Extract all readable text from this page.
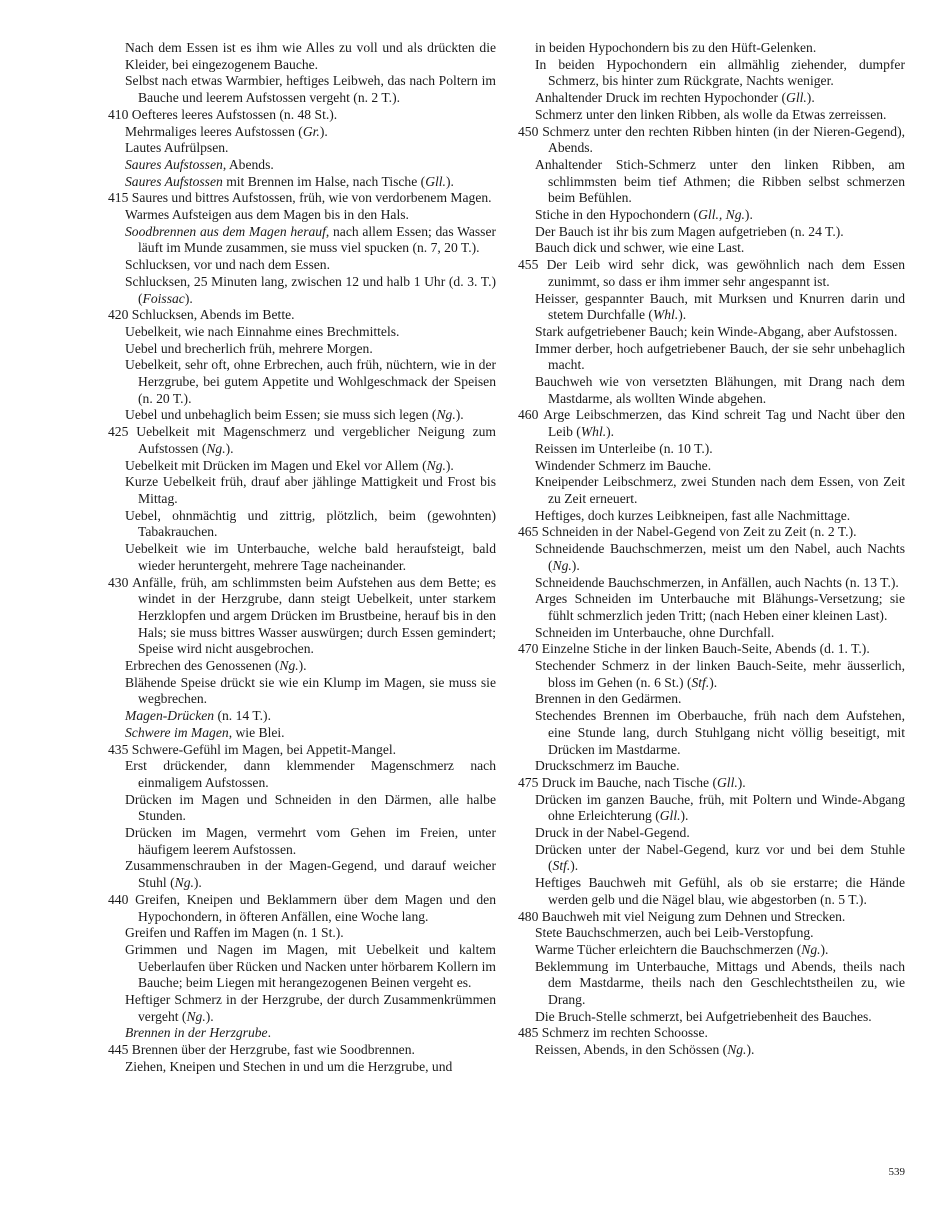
Nach dem Essen ist es ihm wie Alles zu voll und als drückten die Kleider, bei eingezogenem Bauche.
Selbst nach etwas Warmbier, heftiges Leibweh, das nach Poltern im Bauche und leerem Aufstossen vergeht (n. 2 T.).
410 Oefteres leeres Aufstossen (n. 48 St.).
Mehrmaliges leeres Aufstossen (Gr.).
Lautes Aufrülpsen.
Saures Aufstossen, Abends.
Saures Aufstossen mit Brennen im Halse, nach Tische (Gll.).
415 Saures und bittres Aufstossen, früh, wie von verdorbenem Magen.
Warmes Aufsteigen aus dem Magen bis in den Hals.
Soodbrennen aus dem Magen herauf, nach allem Essen; das Wasser läuft im Munde zusammen, sie muss viel spucken (n. 7, 20 T.).
Schlucksen, vor und nach dem Essen.
Schlucksen, 25 Minuten lang, zwischen 12 und halb 1 Uhr (d. 3. T.) (Foissac).
420 Schlucksen, Abends im Bette.
Uebelkeit, wie nach Einnahme eines Brechmittels.
Uebel und brecherlich früh, mehrere Morgen.
Uebelkeit, sehr oft, ohne Erbrechen, auch früh, nüchtern, wie in der Herzgrube, bei gutem Appetite und Wohlgeschmack der Speisen (n. 20 T.).
Uebel und unbehaglich beim Essen; sie muss sich legen (Ng.).
425 Uebelkeit mit Magenschmerz und vergeblicher Neigung zum Aufstossen (Ng.).
Uebelkeit mit Drücken im Magen und Ekel vor Allem (Ng.).
Kurze Uebelkeit früh, drauf aber jählinge Mattigkeit und Frost bis Mittag.
Uebel, ohnmächtig und zittrig, plötzlich, beim (gewohnten) Tabakrauchen.
Uebelkeit wie im Unterbauche, welche bald heraufsteigt, bald wieder heruntergeht, mehrere Tage nacheinander.
430 Anfälle, früh, am schlimmsten beim Aufstehen aus dem Bette; es windet in der Herzgrube, dann steigt Uebelkeit, unter starkem Herzklopfen und argem Drücken im Brustbeine, herauf bis in den Hals; sie muss bittres Wasser auswürgen; durch Essen gemindert; Speise wird nicht ausgebrochen.
Erbrechen des Genossenen (Ng.).
Blähende Speise drückt sie wie ein Klump im Magen, sie muss sie wegbrechen.
Magen-Drücken (n. 14 T.).
Schwere im Magen, wie Blei.
435 Schwere-Gefühl im Magen, bei Appetit-Mangel.
Erst drückender, dann klemmender Magenschmerz nach einmaligem Aufstossen.
Drücken im Magen und Schneiden in den Därmen, alle halbe Stunden.
Drücken im Magen, vermehrt vom Gehen im Freien, unter häufigem leerem Aufstossen.
Zusammenschrauben in der Magen-Gegend, und darauf weicher Stuhl (Ng.).
440 Greifen, Kneipen und Beklammern über dem Magen und den Hypochondern, in öfteren Anfällen, eine Woche lang.
Greifen und Raffen im Magen (n. 1 St.).
Grimmen und Nagen im Magen, mit Uebelkeit und kaltem Ueberlaufen über Rücken und Nacken unter hörbarem Kollern im Bauche; beim Liegen mit herangezogenen Beinen vergeht es.
Heftiger Schmerz in der Herzgrube, der durch Zusammenkrümmen vergeht (Ng.).
Brennen in der Herzgrube.
445 Brennen über der Herzgrube, fast wie Soodbrennen.
Ziehen, Kneipen und Stechen in und um die Herzgrube, und
in beiden Hypochondern bis zu den Hüft-Gelenken.
In beiden Hypochondern ein allmählig ziehender, dumpfer Schmerz, bis hinter zum Rückgrate, Nachts weniger.
Anhaltender Druck im rechten Hypochonder (Gll.).
Schmerz unter den linken Ribben, als wolle da Etwas zerreissen.
450 Schmerz unter den rechten Ribben hinten (in der Nieren-Gegend), Abends.
Anhaltender Stich-Schmerz unter den linken Ribben, am schlimmsten beim tief Athmen; die Ribben selbst schmerzen beim Befühlen.
Stiche in den Hypochondern (Gll., Ng.).
Der Bauch ist ihr bis zum Magen aufgetrieben (n. 24 T.).
Bauch dick und schwer, wie eine Last.
455 Der Leib wird sehr dick, was gewöhnlich nach dem Essen zunimmt, so dass er ihm immer sehr angespannt ist.
Heisser, gespannter Bauch, mit Murksen und Knurren darin und stetem Durchfalle (Whl.).
Stark aufgetriebener Bauch; kein Winde-Abgang, aber Aufstossen.
Immer derber, hoch aufgetriebener Bauch, der sie sehr unbehaglich macht.
Bauchweh wie von versetzten Blähungen, mit Drang nach dem Mastdarme, als wollten Winde abgehen.
460 Arge Leibschmerzen, das Kind schreit Tag und Nacht über den Leib (Whl.).
Reissen im Unterleibe (n. 10 T.).
Windender Schmerz im Bauche.
Kneipender Leibschmerz, zwei Stunden nach dem Essen, von Zeit zu Zeit erneuert.
Heftiges, doch kurzes Leibkneipen, fast alle Nachmittage.
465 Schneiden in der Nabel-Gegend von Zeit zu Zeit (n. 2 T.).
Schneidende Bauchschmerzen, meist um den Nabel, auch Nachts (Ng.).
Schneidende Bauchschmerzen, in Anfällen, auch Nachts (n. 13 T.).
Arges Schneiden im Unterbauche mit Blähungs-Versetzung; sie fühlt schmerzlich jeden Tritt; (nach Heben einer kleinen Last).
Schneiden im Unterbauche, ohne Durchfall.
470 Einzelne Stiche in der linken Bauch-Seite, Abends (d. 1. T.).
Stechender Schmerz in der linken Bauch-Seite, mehr äusserlich, bloss im Gehen (n. 6 St.) (Stf.).
Brennen in den Gedärmen.
Stechendes Brennen im Oberbauche, früh nach dem Aufstehen, eine Stunde lang, durch Stuhlgang nicht völlig beseitigt, mit Drücken im Mastdarme.
Druckschmerz im Bauche.
475 Druck im Bauche, nach Tische (Gll.).
Drücken im ganzen Bauche, früh, mit Poltern und Winde-Abgang ohne Erleichterung (Gll.).
Druck in der Nabel-Gegend.
Drücken unter der Nabel-Gegend, kurz vor und bei dem Stuhle (Stf.).
Heftiges Bauchweh mit Gefühl, als ob sie erstarre; die Hände werden gelb und die Nägel blau, wie abgestorben (n. 5 T.).
480 Bauchweh mit viel Neigung zum Dehnen und Strecken.
Stete Bauchschmerzen, auch bei Leib-Verstopfung.
Warme Tücher erleichtern die Bauchschmerzen (Ng.).
Beklemmung im Unterbauche, Mittags und Abends, theils nach dem Mastdarme, theils nach den Geschlechtstheilen zu, wie Drang.
Die Bruch-Stelle schmerzt, bei Aufgetriebenheit des Bauches.
485 Schmerz im rechten Schoosse.
Reissen, Abends, in den Schössen (Ng.).
539
